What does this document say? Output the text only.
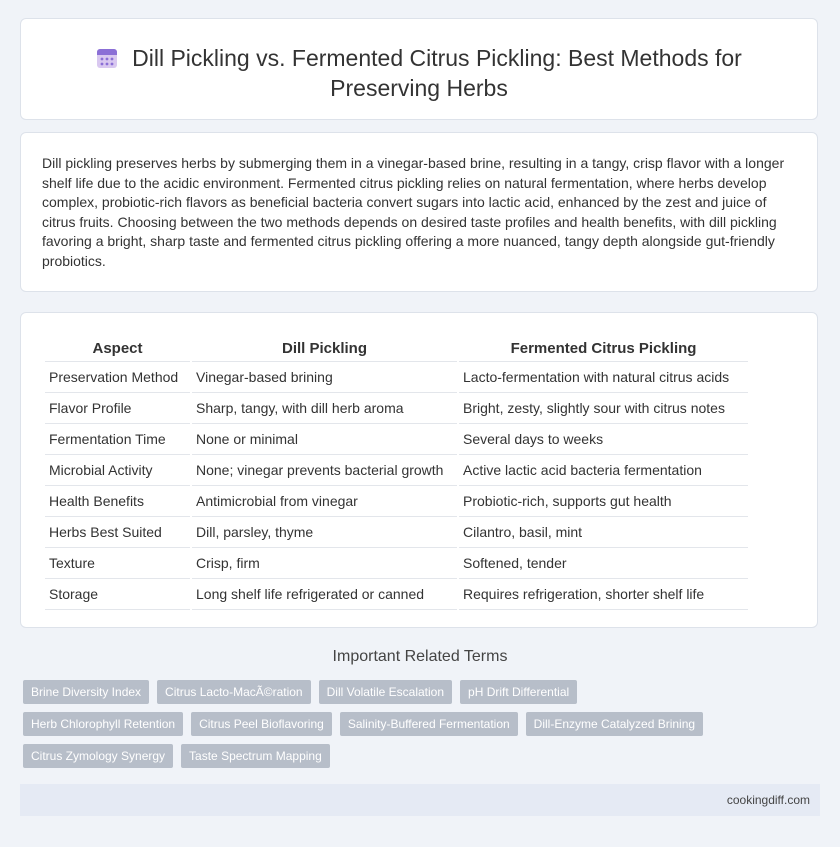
Dill Pickling vs. Fermented Citrus Pickling: Best Methods for Preserving Herbs

Dill pickling preserves herbs by submerging them in a vinegar-based brine, resulting in a tangy, crisp flavor with a longer shelf life due to the acidic environment. Fermented citrus pickling relies on natural fermentation, where herbs develop complex, probiotic-rich flavors as beneficial bacteria convert sugars into lactic acid, enhanced by the zest and juice of citrus fruits. Choosing between the two methods depends on desired taste profiles and health benefits, with dill pickling favoring a bright, sharp taste and fermented citrus pickling offering a more nuanced, tangy depth alongside gut-friendly probiotics.

Aspect	Dill Pickling	Fermented Citrus Pickling
Preservation Method	Vinegar-based brining	Lacto-fermentation with natural citrus acids
Flavor Profile	Sharp, tangy, with dill herb aroma	Bright, zesty, slightly sour with citrus notes
Fermentation Time	None or minimal	Several days to weeks
Microbial Activity	None; vinegar prevents bacterial growth	Active lactic acid bacteria fermentation
Health Benefits	Antimicrobial from vinegar	Probiotic-rich, supports gut health
Herbs Best Suited	Dill, parsley, thyme	Cilantro, basil, mint
Texture	Crisp, firm	Softened, tender
Storage	Long shelf life refrigerated or canned	Requires refrigeration, shorter shelf life
Important Related Terms
Brine Diversity Index	Citrus Lacto-MacÃ©ration	Dill Volatile Escalation	pH Drift Differential
Herb Chlorophyll Retention	Citrus Peel Bioflavoring	Salinity-Buffered Fermentation	Dill-Enzyme Catalyzed Brining
Citrus Zymology Synergy	Taste Spectrum Mapping
cookingdiff.com
